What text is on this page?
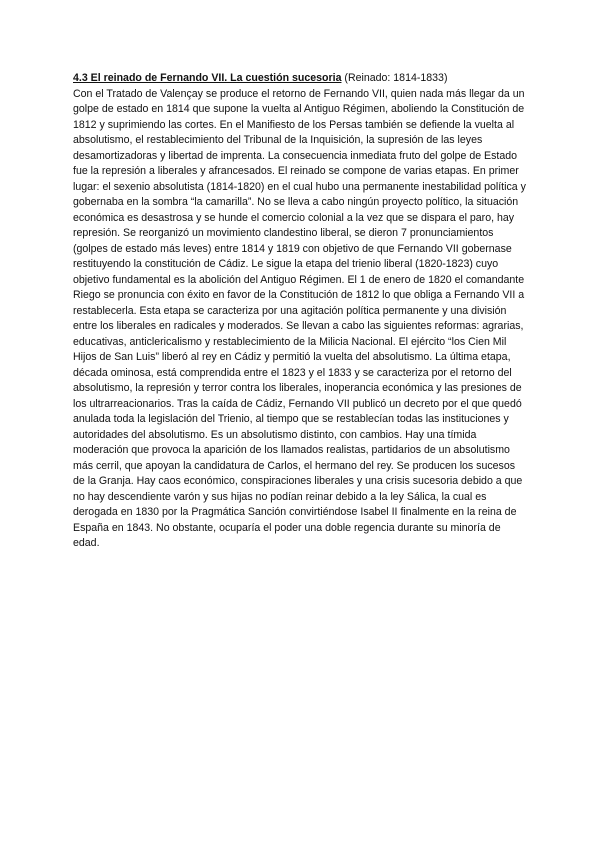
4.3 El reinado de Fernando VII. La cuestión sucesoria (Reinado: 1814-1833)

Con el Tratado de Valençay se produce el retorno de Fernando VII, quien nada más llegar da un golpe de estado en 1814 que supone la vuelta al Antiguo Régimen, aboliendo la Constitución de 1812 y suprimiendo las cortes. En el Manifiesto de los Persas también se defiende la vuelta al absolutismo, el restablecimiento del Tribunal de la Inquisición, la supresión de las leyes desamortizadoras y libertad de imprenta. La consecuencia inmediata fruto del golpe de Estado fue la represión a liberales y afrancesados. El reinado se compone de varias etapas. En primer lugar: el sexenio absolutista (1814-1820) en el cual hubo una permanente inestabilidad política y gobernaba en la sombra “la camarilla”. No se lleva a cabo ningún proyecto político, la situación económica es desastrosa y se hunde el comercio colonial a la vez que se dispara el paro, hay represión. Se reorganizó un movimiento clandestino liberal, se dieron 7 pronunciamientos (golpes de estado más leves) entre 1814 y 1819 con objetivo de que Fernando VII gobernase restituyendo la constitución de Cádiz. Le sigue la etapa del trienio liberal (1820-1823) cuyo objetivo fundamental es la abolición del Antiguo Régimen. El 1 de enero de 1820 el comandante Riego se pronuncia con éxito en favor de la Constitución de 1812 lo que obliga a Fernando VII a restablecerla. Esta etapa se caracteriza por una agitación política permanente y una división entre los liberales en radicales y moderados. Se llevan a cabo las siguientes reformas: agrarias, educativas, anticlericalismo y restablecimiento de la Milicia Nacional. El ejército “los Cien Mil Hijos de San Luis” liberó al rey en Cádiz y permitió la vuelta del absolutismo. La última etapa, década ominosa, está comprendida entre el 1823 y el 1833 y se caracteriza por el retorno del absolutismo, la represión y terror contra los liberales, inoperancia económica y las presiones de los ultrarreacionarios. Tras la caída de Cádiz, Fernando VII publicó un decreto por el que quedó anulada toda la legislación del Trienio, al tiempo que se restablecían todas las instituciones y autoridades del absolutismo. Es un absolutismo distinto, con cambios. Hay una tímida moderación que provoca la aparición de los llamados realistas, partidarios de un absolutismo más cerril, que apoyan la candidatura de Carlos, el hermano del rey. Se producen los sucesos de la Granja. Hay caos económico, conspiraciones liberales y una crisis sucesoria debido a que no hay descendiente varón y sus hijas no podían reinar debido a la ley Sálica, la cual es derogada en 1830 por la Pragmática Sanción convirtiéndose Isabel II finalmente en la reina de España en 1843. No obstante, ocuparía el poder una doble regencia durante su minoría de edad.
